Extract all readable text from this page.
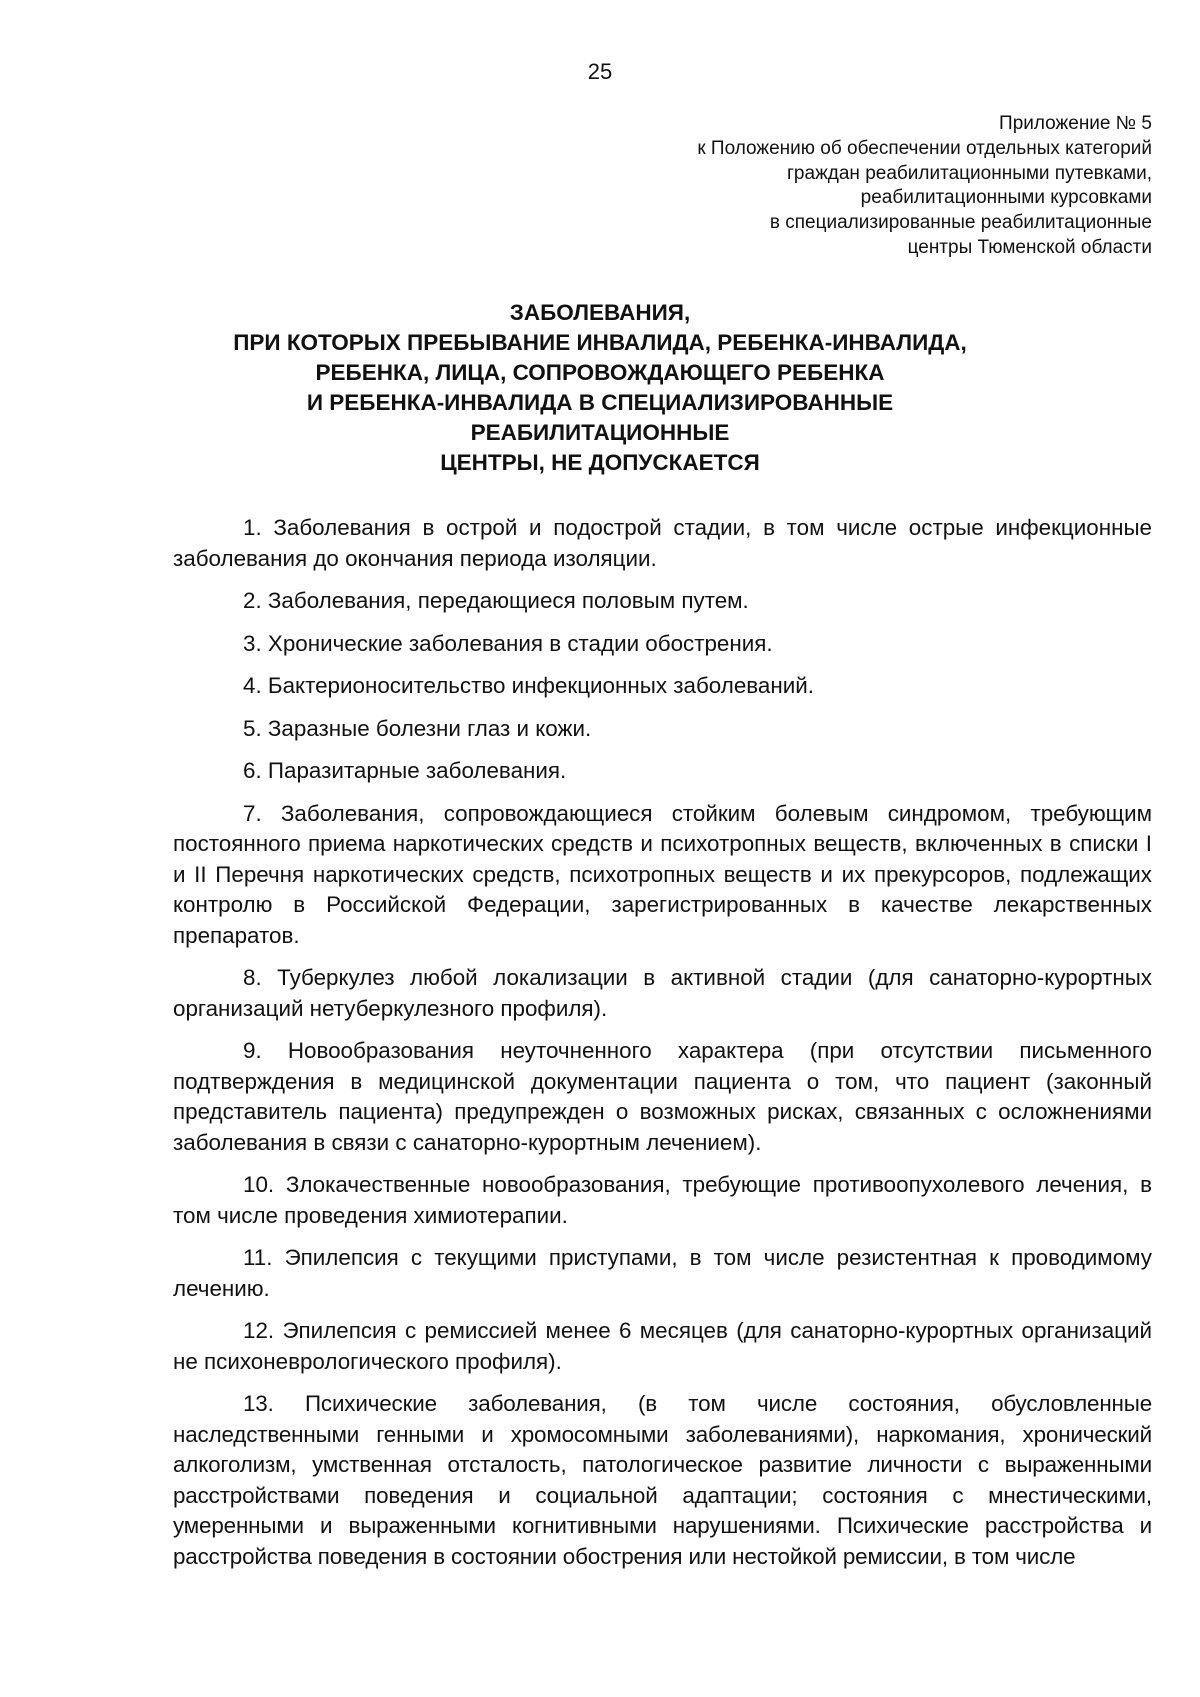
25
Приложение № 5
к Положению об обеспечении отдельных категорий
граждан реабилитационными путевками,
реабилитационными курсовками
в специализированные реабилитационные
центры Тюменской области
ЗАБОЛЕВАНИЯ,
ПРИ КОТОРЫХ ПРЕБЫВАНИЕ ИНВАЛИДА, РЕБЕНКА-ИНВАЛИДА,
РЕБЕНКА, ЛИЦА, СОПРОВОЖДАЮЩЕГО РЕБЕНКА
И РЕБЕНКА-ИНВАЛИДА В СПЕЦИАЛИЗИРОВАННЫЕ
РЕАБИЛИТАЦИОННЫЕ
ЦЕНТРЫ, НЕ ДОПУСКАЕТСЯ

1. Заболевания в острой и подострой стадии, в том числе острые инфекционные заболевания до окончания периода изоляции.

2. Заболевания, передающиеся половым путем.

3. Хронические заболевания в стадии обострения.

4. Бактерионосительство инфекционных заболеваний.

5. Заразные болезни глаз и кожи.

6. Паразитарные заболевания.

7. Заболевания, сопровождающиеся стойким болевым синдромом, требующим постоянного приема наркотических средств и психотропных веществ, включенных в списки I и II Перечня наркотических средств, психотропных веществ и их прекурсоров, подлежащих контролю в Российской Федерации, зарегистрированных в качестве лекарственных препаратов.

8. Туберкулез любой локализации в активной стадии (для санаторно-курортных организаций нетуберкулезного профиля).

9. Новообразования неуточненного характера (при отсутствии письменного подтверждения в медицинской документации пациента о том, что пациент (законный представитель пациента) предупрежден о возможных рисках, связанных с осложнениями заболевания в связи с санаторно-курортным лечением).

10. Злокачественные новообразования, требующие противоопухолевого лечения, в том числе проведения химиотерапии.

11. Эпилепсия с текущими приступами, в том числе резистентная к проводимому лечению.

12. Эпилепсия с ремиссией менее 6 месяцев (для санаторно-курортных организаций не психоневрологического профиля).

13. Психические заболевания, (в том числе состояния, обусловленные наследственными генными и хромосомными заболеваниями), наркомания, хронический алкоголизм, умственная отсталость, патологическое развитие личности с выраженными расстройствами поведения и социальной адаптации; состояния с мнестическими, умеренными и выраженными когнитивными нарушениями. Психические расстройства и расстройства поведения в состоянии обострения или нестойкой ремиссии, в том числе
